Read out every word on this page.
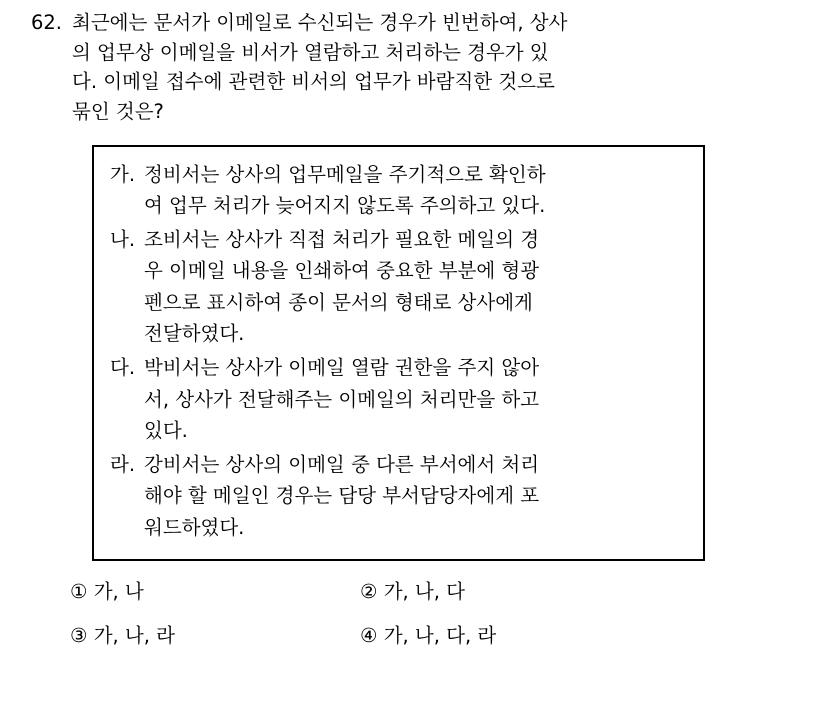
62. 최근에는 문서가 이메일로 수신되는 경우가 빈번하여, 상사
의 업무상 이메일을 비서가 열람하고 처리하는 경우가 있
다. 이메일 접수에 관련한 비서의 업무가 바람직한 것으로
묶인 것은?
가. 정비서는 상사의 업무메일을 주기적으로 확인하
여 업무 처리가 늦어지지 않도록 주의하고 있다.
나. 조비서는 상사가 직접 처리가 필요한 메일의 경
우 이메일 내용을 인쇄하여 중요한 부분에 형광
펜으로 표시하여 종이 문서의 형태로 상사에게
전달하였다.
다. 박비서는 상사가 이메일 열람 권한을 주지 않아
서, 상사가 전달해주는 이메일의 처리만을 하고
있다.
라. 강비서는 상사의 이메일 중 다른 부서에서 처리
해야 할 메일인 경우는 담당 부서담당자에게 포
워드하였다.
① 가, 나	② 가, 나, 다
③ 가, 나, 라	④ 가, 나, 다, 라
